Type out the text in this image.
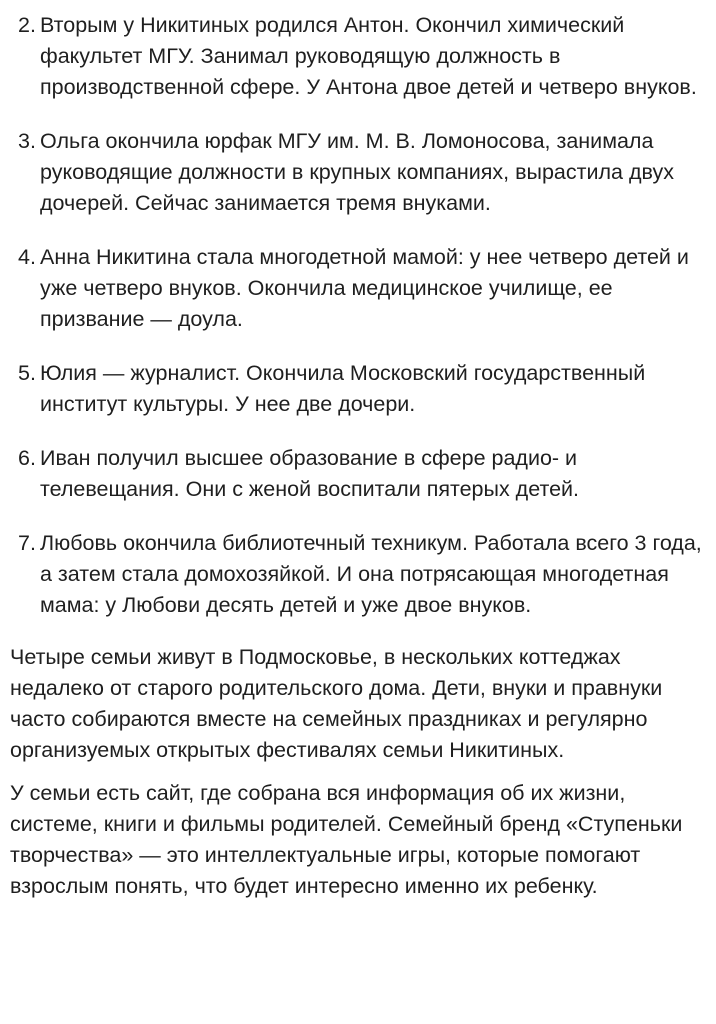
2. Вторым у Никитиных родился Антон. Окончил химический факультет МГУ. Занимал руководящую должность в производственной сфере. У Антона двое детей и четверо внуков.
3. Ольга окончила юрфак МГУ им. М. В. Ломоносова, занимала руководящие должности в крупных компаниях, вырастила двух дочерей. Сейчас занимается тремя внуками.
4. Анна Никитина стала многодетной мамой: у нее четверо детей и уже четверо внуков. Окончила медицинское училище, ее призвание — доула.
5. Юлия — журналист. Окончила Московский государственный институт культуры. У нее две дочери.
6. Иван получил высшее образование в сфере радио- и телевещания. Они с женой воспитали пятерых детей.
7. Любовь окончила библиотечный техникум. Работала всего 3 года, а затем стала домохозяйкой. И она потрясающая многодетная мама: у Любови десять детей и уже двое внуков.

Четыре семьи живут в Подмосковье, в нескольких коттеджах недалеко от старого родительского дома. Дети, внуки и правнуки часто собираются вместе на семейных праздниках и регулярно организуемых открытых фестивалях семьи Никитиных.

У семьи есть сайт, где собрана вся информация об их жизни, системе, книги и фильмы родителей. Семейный бренд «Ступеньки творчества» — это интеллектуальные игры, которые помогают взрослым понять, что будет интересно именно их ребенку.
